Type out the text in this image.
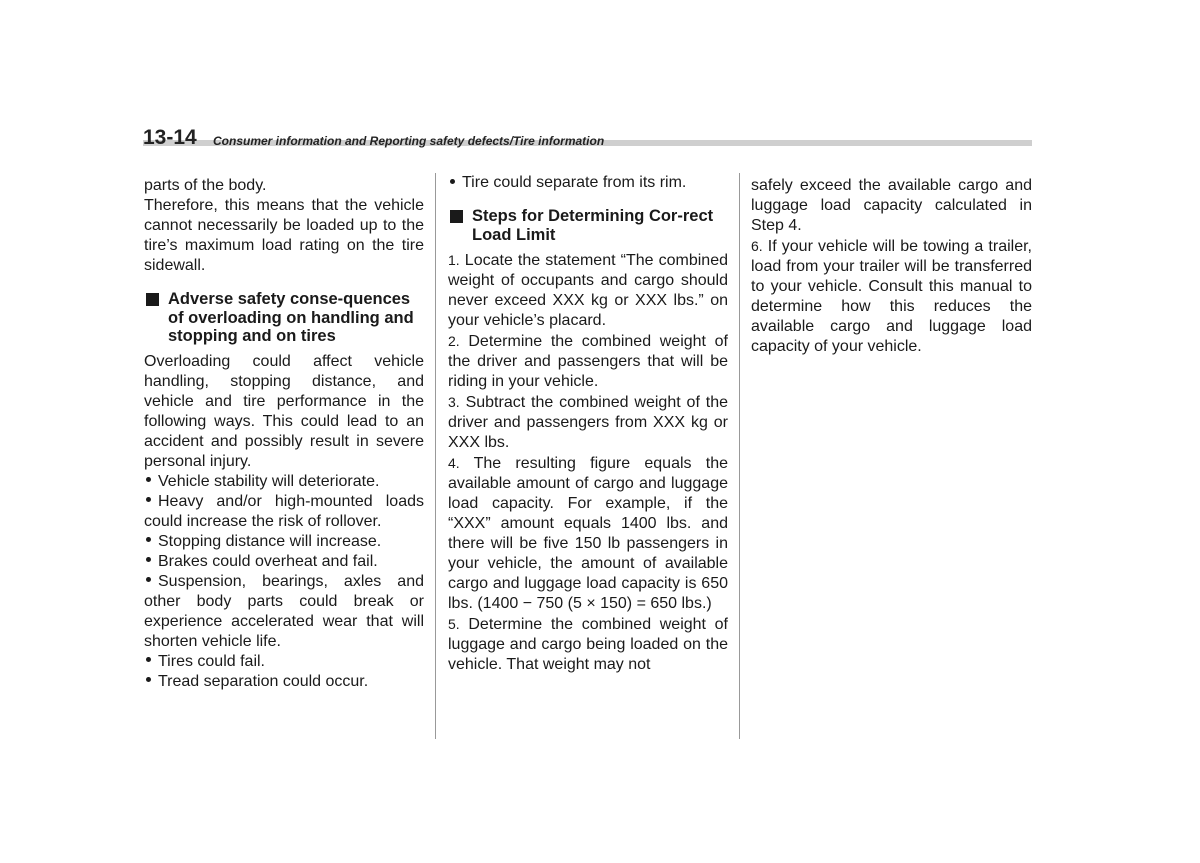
13-14 Consumer information and Reporting safety defects/Tire information

parts of the body.

Therefore, this means that the vehicle cannot necessarily be loaded up to the tire’s maximum load rating on the tire sidewall.

Adverse safety conse-quences of overloading on handling and stopping and on tires

Overloading could affect vehicle handling, stopping distance, and vehicle and tire performance in the following ways. This could lead to an accident and possibly result in severe personal injury.

Vehicle stability will deteriorate.

Heavy and/or high-mounted loads could increase the risk of rollover.

Stopping distance will increase.

Brakes could overheat and fail.

Suspension, bearings, axles and other body parts could break or experience accelerated wear that will shorten vehicle life.

Tires could fail.

Tread separation could occur.

Tire could separate from its rim.

Steps for Determining Cor-rect Load Limit

1. Locate the statement “The combined weight of occupants and cargo should never exceed XXX kg or XXX lbs.” on your vehicle’s placard.

2. Determine the combined weight of the driver and passengers that will be riding in your vehicle.

3. Subtract the combined weight of the driver and passengers from XXX kg or XXX lbs.

4. The resulting figure equals the available amount of cargo and luggage load capacity. For example, if the “XXX” amount equals 1400 lbs. and there will be five 150 lb passengers in your vehicle, the amount of available cargo and luggage load capacity is 650 lbs. (1400 − 750 (5 × 150) = 650 lbs.)

5. Determine the combined weight of luggage and cargo being loaded on the vehicle. That weight may not

safely exceed the available cargo and luggage load capacity calculated in Step 4.

6. If your vehicle will be towing a trailer, load from your trailer will be transferred to your vehicle. Consult this manual to determine how this reduces the available cargo and luggage load capacity of your vehicle.
